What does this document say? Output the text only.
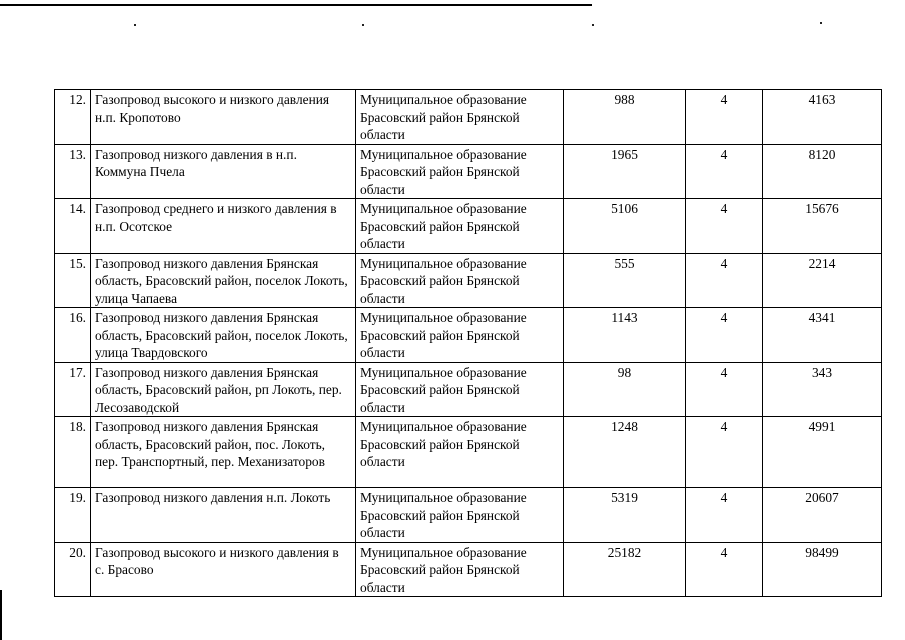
12.	Газопровод высокого и низкого давления н.п. Кропотово	Муниципальное образование Брасовский район Брянской области	988	4	4163
13.	Газопровод низкого давления в н.п. Коммуна Пчела	Муниципальное образование Брасовский район Брянской области	1965	4	8120
14.	Газопровод среднего и низкого давления в н.п. Осотское	Муниципальное образование Брасовский район Брянской области	5106	4	15676
15.	Газопровод низкого давления Брянская область, Брасовский район, поселок Локоть, улица Чапаева	Муниципальное образование Брасовский район Брянской области	555	4	2214
16.	Газопровод низкого давления Брянская область, Брасовский район, поселок Локоть, улица Твардовского	Муниципальное образование Брасовский район Брянской области	1143	4	4341
17.	Газопровод низкого давления Брянская область, Брасовский район, рп Локоть, пер. Лесозаводской	Муниципальное образование Брасовский район Брянской области	98	4	343
18.	Газопровод низкого давления Брянская область, Брасовский район, пос. Локоть, пер. Транспортный, пер. Механизаторов	Муниципальное образование Брасовский район Брянской области	1248	4	4991
19.	Газопровод низкого давления н.п. Локоть	Муниципальное образование Брасовский район Брянской области	5319	4	20607
20.	Газопровод высокого и низкого давления в с. Брасово	Муниципальное образование Брасовский район Брянской области	25182	4	98499
